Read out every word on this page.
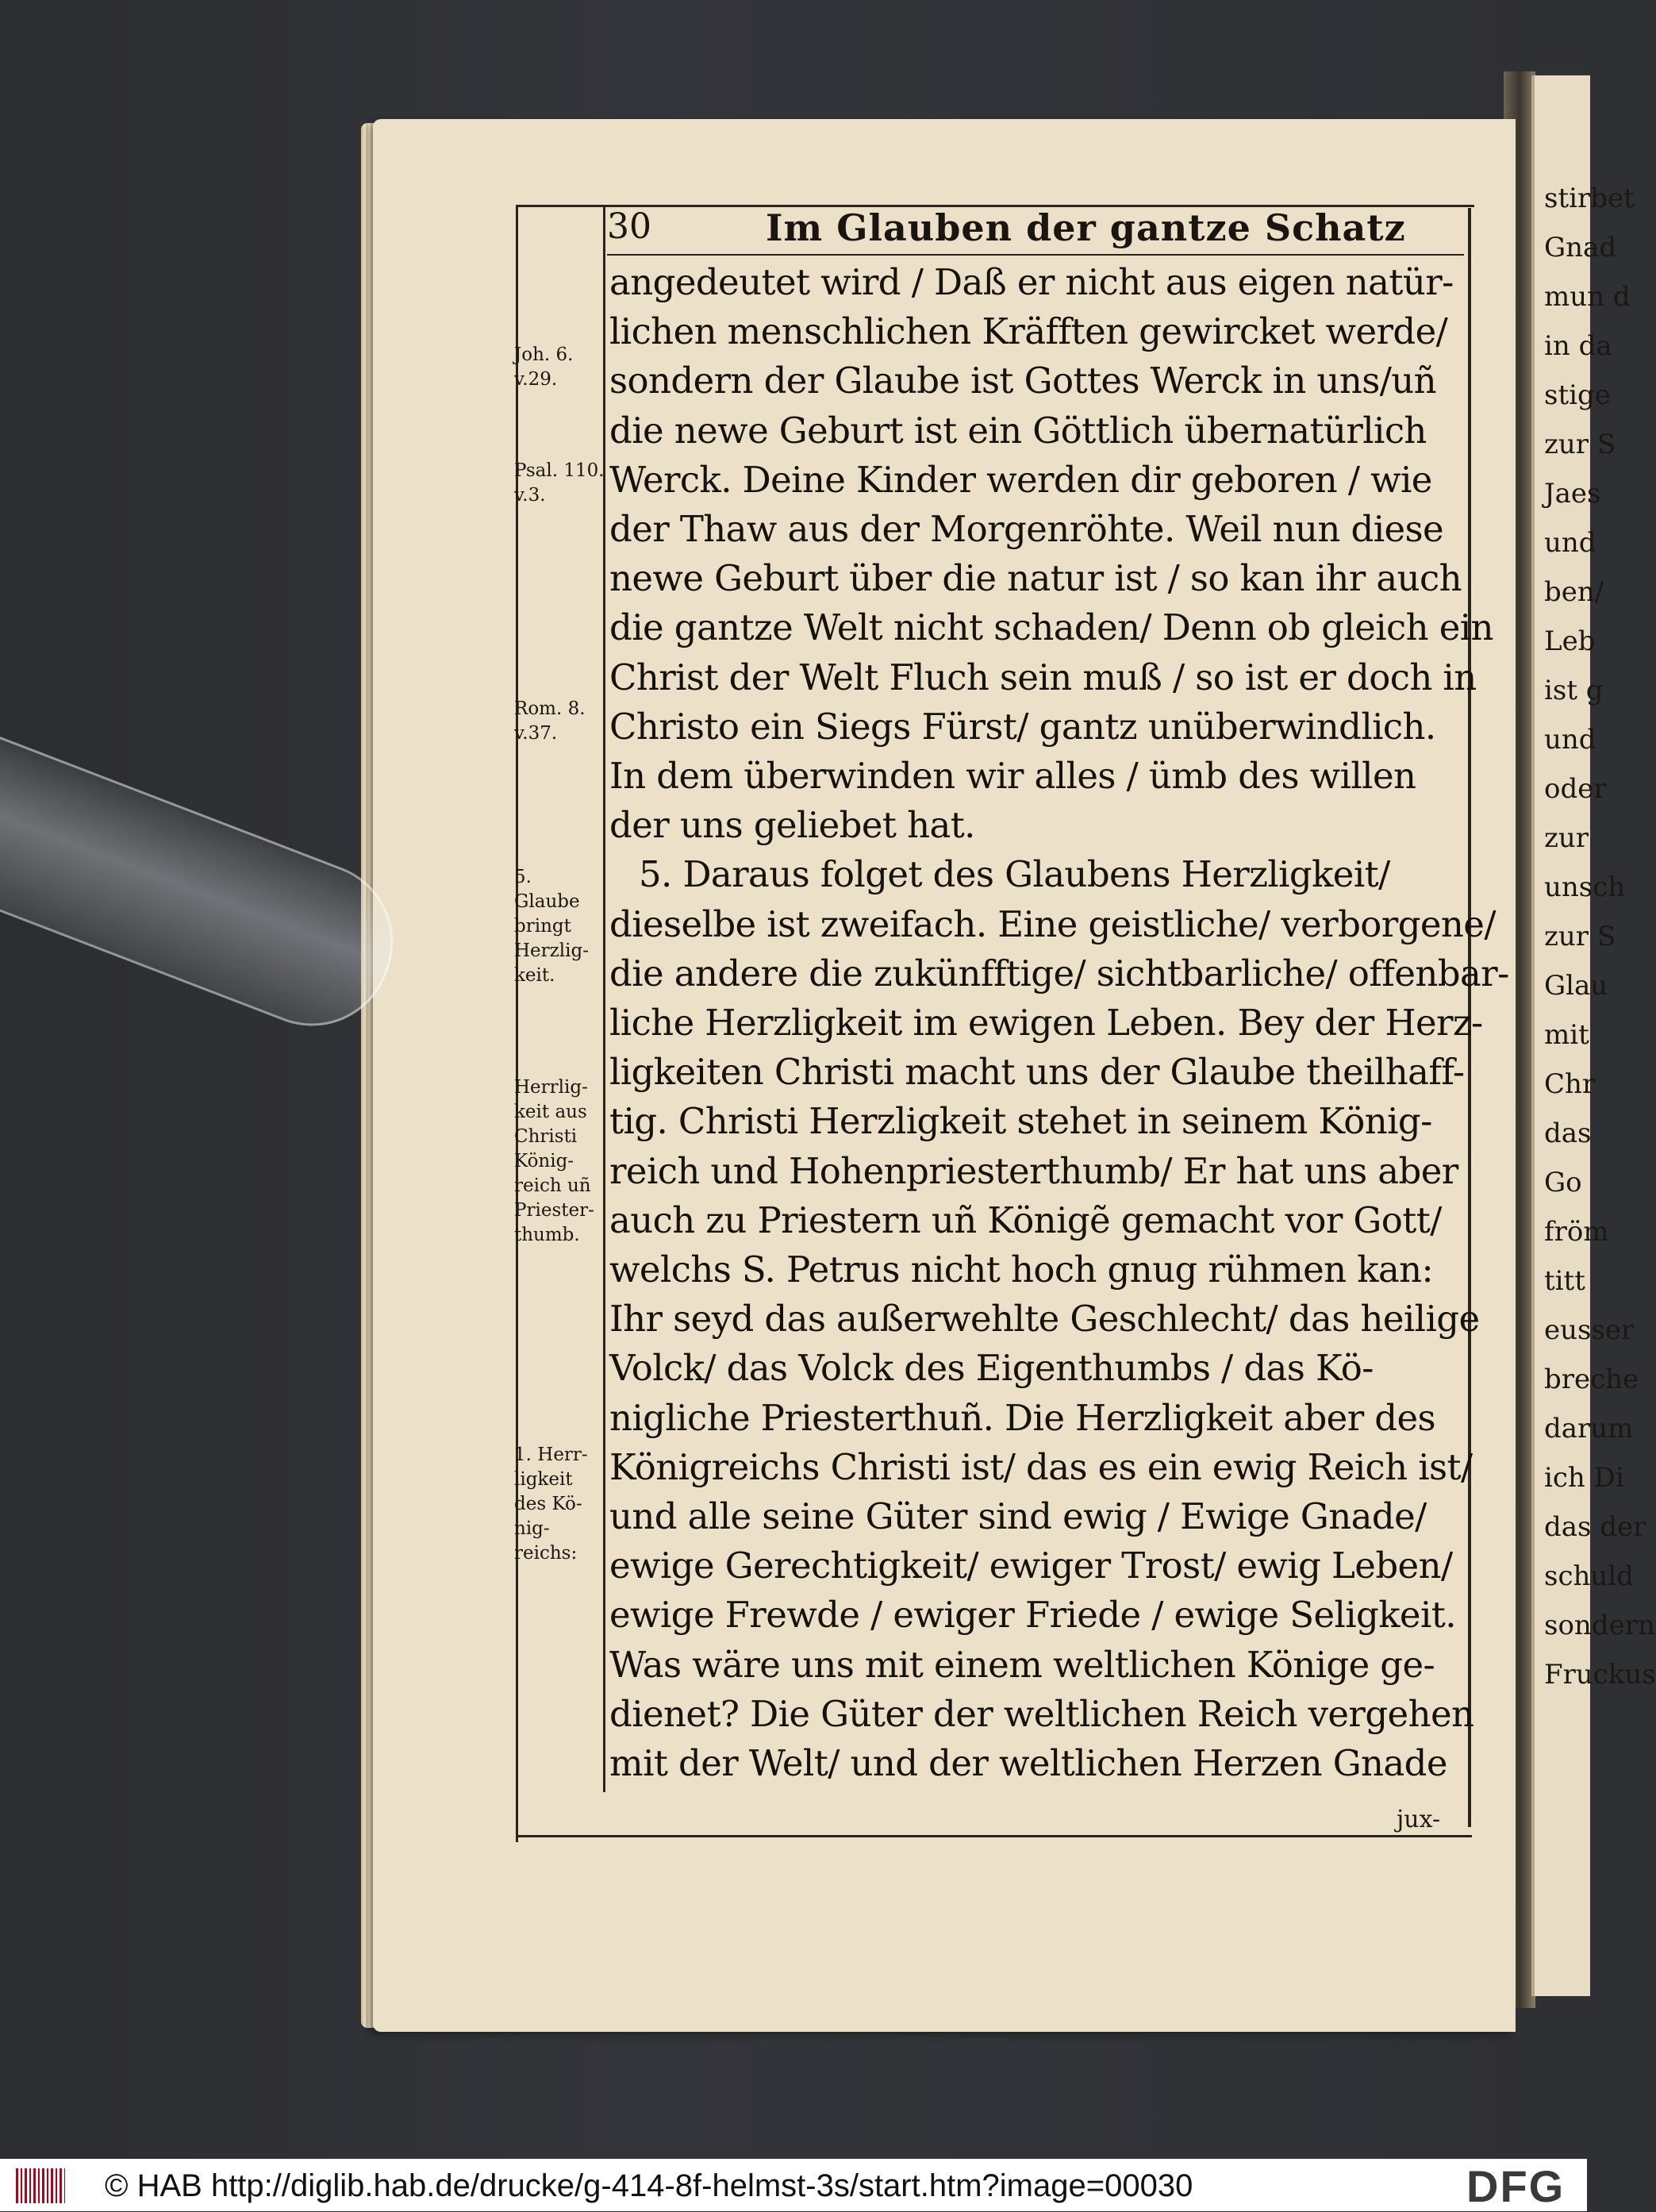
stirbet
Gnad
mun d
in da
stige
zur S
Jaes
und
ben/
Leb
ist g
und
oder
zur
unsch
zur S
Glau
mit
Chr
das
Go
fröm
titt
eusser
breche
darum
ich Di
das der
schuld
sondern
Fruckus
30	Im Glauben der gantze Schatz
angedeutet wird / Daß er nicht aus eigen natür-
lichen menschlichen Kräfften gewircket werde/
sondern der Glaube ist Gottes Werck in uns/uñ
die newe Geburt ist ein Göttlich übernatürlich
Werck. Deine Kinder werden dir geboren / wie
der Thaw aus der Morgenröhte. Weil nun diese
newe Geburt über die natur ist / so kan ihr auch
die gantze Welt nicht schaden/ Denn ob gleich ein
Christ der Welt Fluch sein muß / so ist er doch in
Christo ein Siegs Fürst/ gantz unüberwindlich.
In dem überwinden wir alles / ümb des willen
der uns geliebet hat.
5. Daraus folget des Glaubens Herzligkeit/
dieselbe ist zweifach. Eine geistliche/ verborgene/
die andere die zukünfftige/ sichtbarliche/ offenbar-
liche Herzligkeit im ewigen Leben. Bey der Herz-
ligkeiten Christi macht uns der Glaube theilhaff-
tig. Christi Herzligkeit stehet in seinem König-
reich und Hohenpriesterthumb/ Er hat uns aber
auch zu Priestern uñ Königẽ gemacht vor Gott/
welchs S. Petrus nicht hoch gnug rühmen kan:
Ihr seyd das außerwehlte Geschlecht/ das heilige
Volck/ das Volck des Eigenthumbs / das Kö-
nigliche Priesterthuñ. Die Herzligkeit aber des
Königreichs Christi ist/ das es ein ewig Reich ist/
und alle seine Güter sind ewig / Ewige Gnade/
ewige Gerechtigkeit/ ewiger Trost/ ewig Leben/
ewige Frewde / ewiger Friede / ewige Seligkeit.
Was wäre uns mit einem weltlichen Könige ge-
dienet? Die Güter der weltlichen Reich vergehen
mit der Welt/ und der weltlichen Herzen Gnade
Joh. 6.
v.29.
Psal. 110.
v.3.
Rom. 8.
v.37.
5.
Glaube
bringt
Herzlig-
keit.
Herrlig-
keit aus
Christi
König-
reich uñ
Priester-
thumb.
1. Herr-
ligkeit
des Kö-
nig-
reichs:
jux-
© HAB http://diglib.hab.de/drucke/g-414-8f-helmst-3s/start.htm?image=00030	DFG
